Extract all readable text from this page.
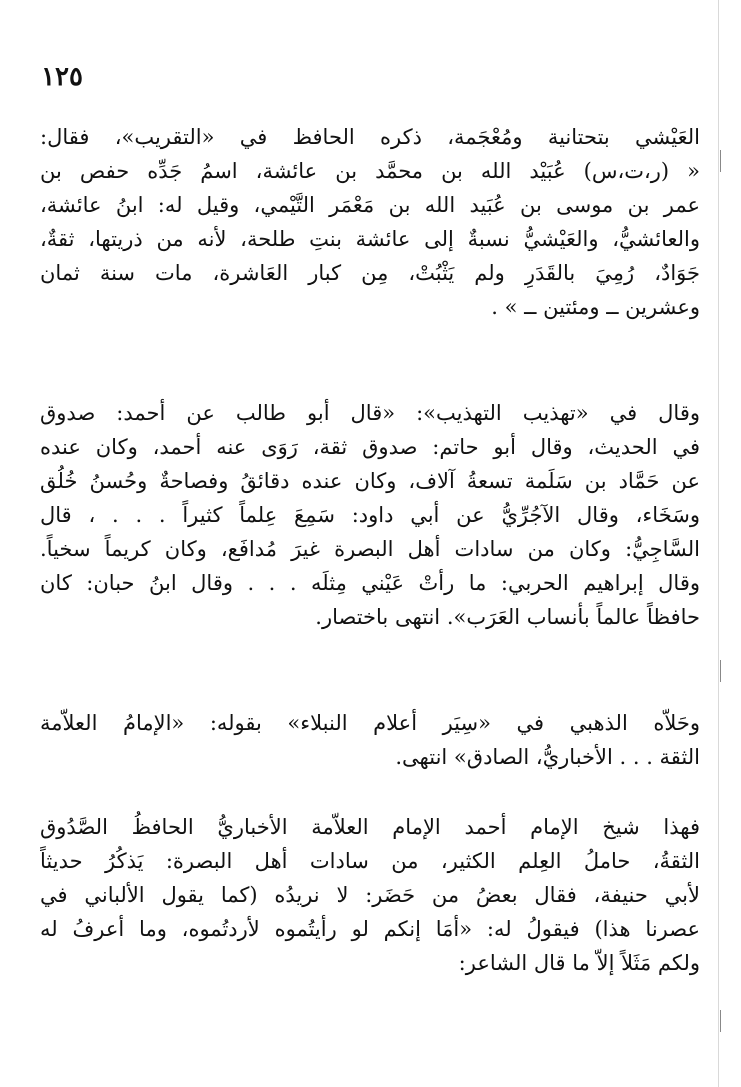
١٢٥
العَيْشي بتحتانية ومُعْجَمة، ذكره الحافظ في «التقريب»، فقال:
« (ر،ت،س) عُبَيْد الله بن محمَّد بن عائشة، اسمُ جَدِّه حفص بن
عمر بن موسى بن عُبَيد الله بن مَعْمَر التَّيْمي، وقيل له: ابنُ عائشة،
والعائشيُّ، والعَيْشيُّ نسبةٌ إلى عائشة بنتِ طلحة، لأنه من ذريتها، ثقةٌ،
جَوَادٌ، رُمِيَ بالقَدَرِ ولم يَثْبُتْ، مِن كبار العَاشرة، مات سنة ثمان
وعشرين ــ ومئتين ــ » .
وقال في «تهذيب التهذيب»: «قال أبو طالب عن أحمد: صدوق
في الحديث، وقال أبو حاتم: صدوق ثقة، رَوَى عنه أحمد، وكان عنده
عن حَمَّاد بن سَلَمة تسعةُ آلاف، وكان عنده دقائقُ وفصاحةٌ وحُسنُ خُلُق
وسَخَاء، وقال الآجُرِّيُّ عن أبي داود: سَمِعَ عِلماً كثيراً . . . ، قال
السَّاجِيُّ: وكان من سادات أهل البصرة غيرَ مُدافَع، وكان كريماً سخياً.
وقال إبراهيم الحربي: ما رأتْ عَيْني مِثلَه . . . وقال ابنُ حبان: كان
حافظاً عالماً بأنساب العَرَب». انتهى باختصار.
وحَلاّه الذهبي في «سِيَر أعلام النبلاء» بقوله: «الإمامُ العلاّمة
الثقة . . . الأخباريُّ، الصادق» انتهى.
فهذا شيخ الإمام أحمد الإمام العلاّمة الأخباريُّ الحافظُ الصَّدُوق
الثقةُ، حاملُ العِلم الكثير، من سادات أهل البصرة: يَذكُرُ حديثاً
لأبي حنيفة، فقال بعضُ من حَضَر: لا نريدُه (كما يقول الألباني في
عصرنا هذا) فيقولُ له: «أمَا إنكم لو رأيتُموه لأردتُموه، وما أعرفُ له
ولكم مَثَلاً إلاّ ما قال الشاعر:
